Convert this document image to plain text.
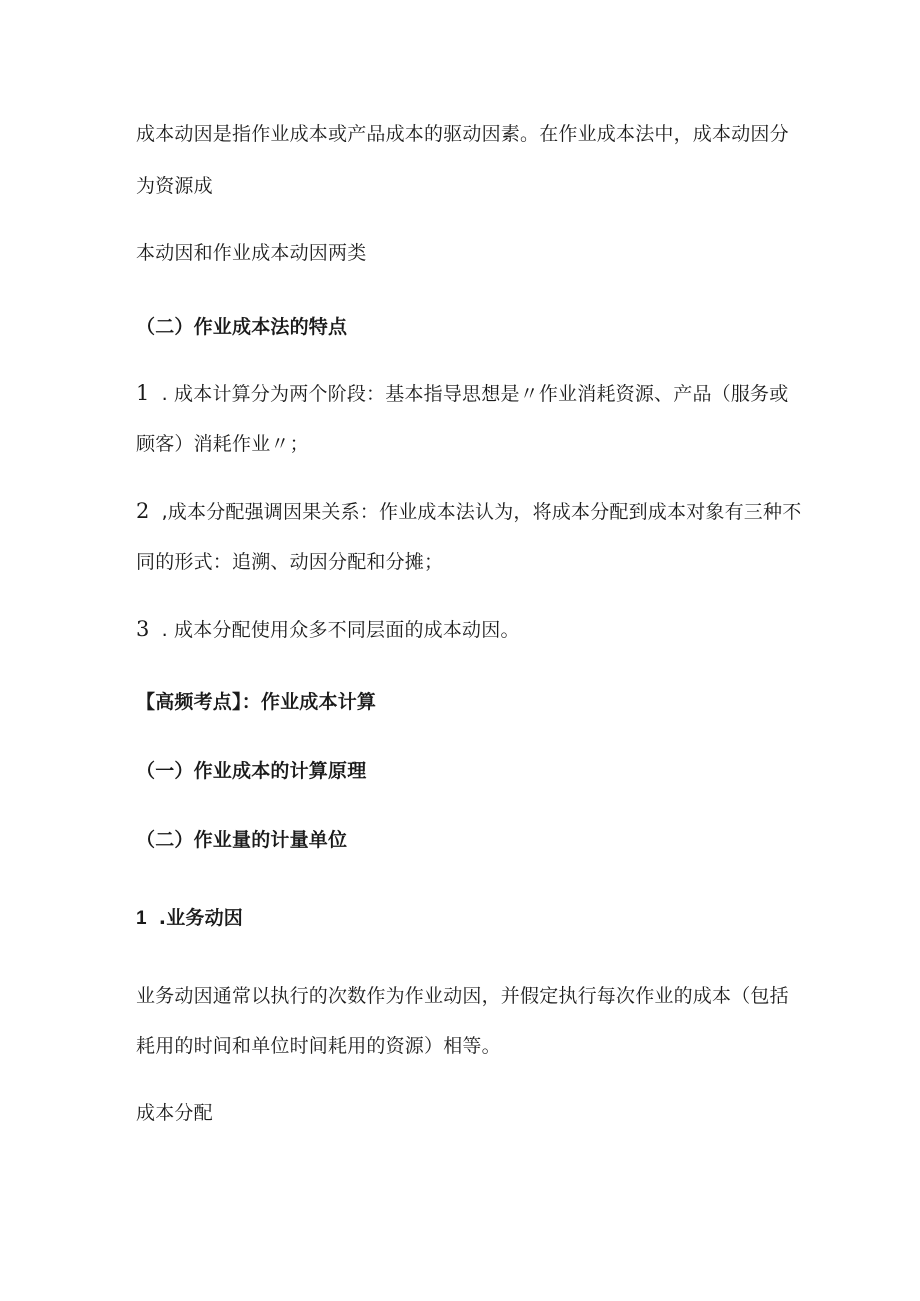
成本动因是指作业成本或产品成本的驱动因素。在作业成本法中，成本动因分
为资源成
本动因和作业成本动因两类
（二）作业成本法的特点
1 . 成本计算分为两个阶段：基本指导思想是〃作业消耗资源、产品（服务或
顾客）消耗作业〃；
2 ,成本分配强调因果关系：作业成本法认为，将成本分配到成本对象有三种不
同的形式：追溯、动因分配和分摊；
3 . 成本分配使用众多不同层面的成本动因。
【高频考点】：作业成本计算
（一）作业成本的计算原理
（二）作业量的计量单位
1 .业务动因
业务动因通常以执行的次数作为作业动因，并假定执行每次作业的成本（包括
耗用的时间和单位时间耗用的资源）相等。
成本分配
